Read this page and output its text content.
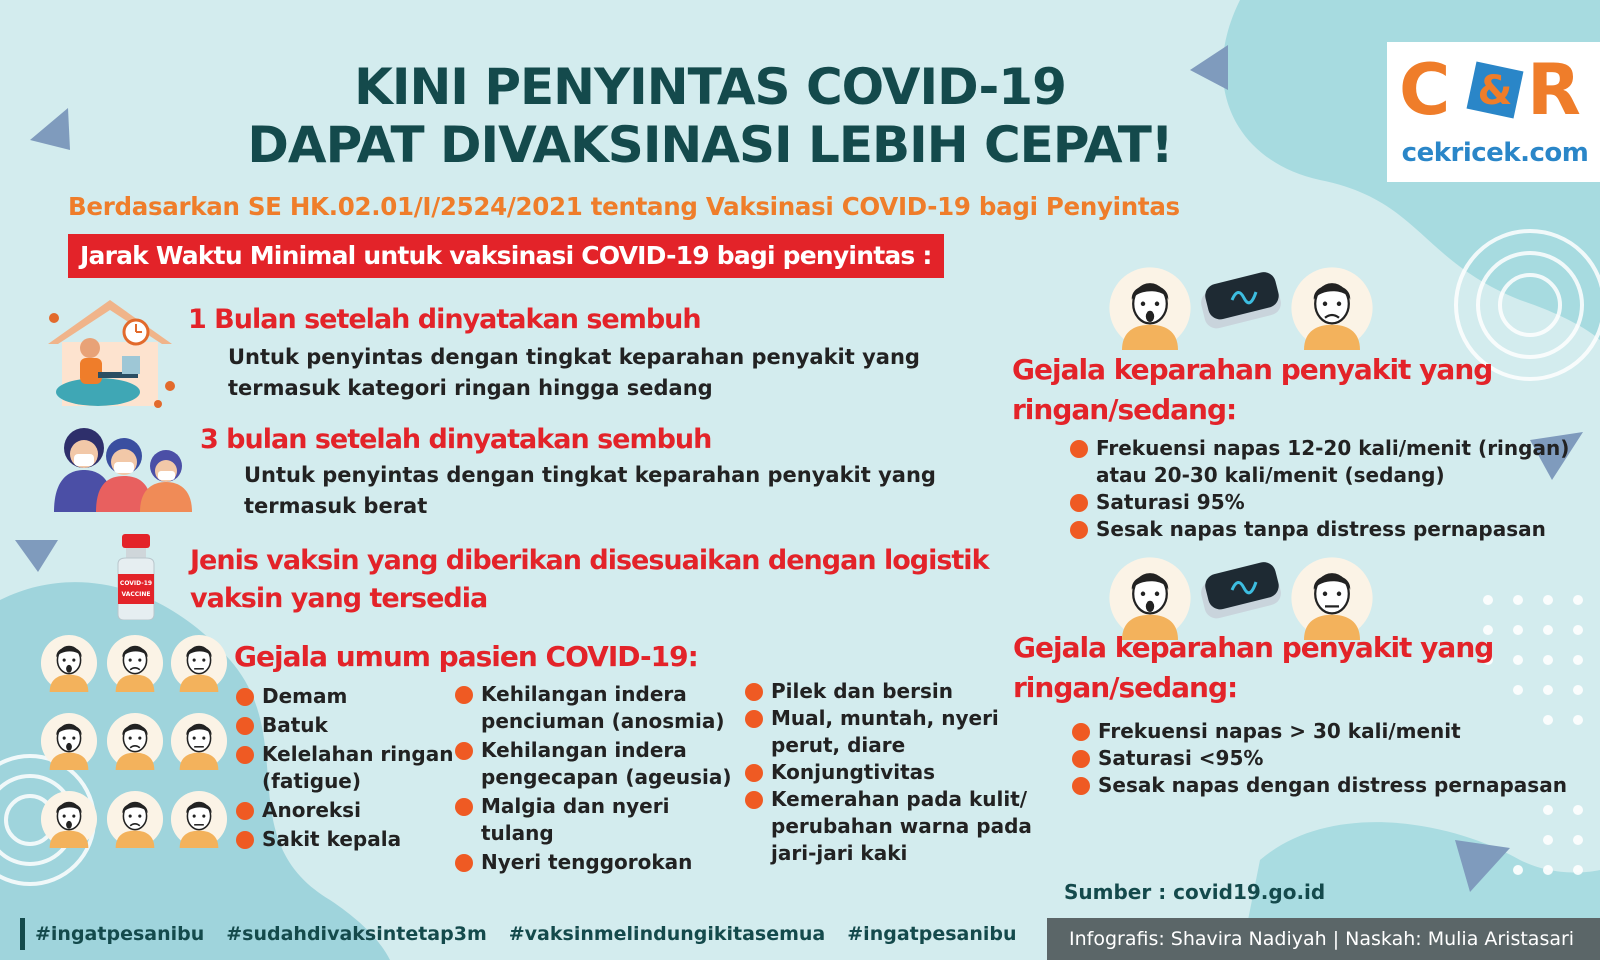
C & R
cekricek.com
KINI PENYINTAS COVID-19
DAPAT DIVAKSINASI LEBIH CEPAT!
Berdasarkan SE HK.02.01/I/2524/2021 tentang Vaksinasi COVID-19 bagi Penyintas
Jarak Waktu Minimal untuk vaksinasi COVID-19 bagi penyintas :
1 Bulan setelah dinyatakan sembuh
Untuk penyintas dengan tingkat keparahan penyakit yang
termasuk kategori ringan hingga sedang
3 bulan setelah dinyatakan sembuh
Untuk penyintas dengan tingkat keparahan penyakit yang
termasuk berat
COVID-19
VACCINE
Jenis vaksin yang diberikan disesuaikan dengan logistik
vaksin yang tersedia
Gejala umum pasien COVID-19:
Demam
Batuk
Kelelahan ringan (fatigue)
Anoreksi
Sakit kepala
Kehilangan indera penciuman (anosmia)
Kehilangan indera pengecapan (ageusia)
Malgia dan nyeri tulang
Nyeri tenggorokan
Pilek dan bersin
Mual, muntah, nyeri perut, diare
Konjungtivitas
Kemerahan pada kulit/ perubahan warna pada jari-jari kaki
Gejala keparahan penyakit yang ringan/sedang:
Frekuensi napas 12-20 kali/menit (ringan) atau 20-30 kali/menit (sedang)
Saturasi 95%
Sesak napas tanpa distress pernapasan
Gejala keparahan penyakit yang ringan/sedang:
Frekuensi napas > 30 kali/menit
Saturasi <95%
Sesak napas dengan distress pernapasan
Sumber : covid19.go.id
#ingatpesanibu #sudahdivaksintetap3m #vaksinmelindungikitasemua #ingatpesanibu	Infografis: Shavira Nadiyah | Naskah: Mulia Aristasari
